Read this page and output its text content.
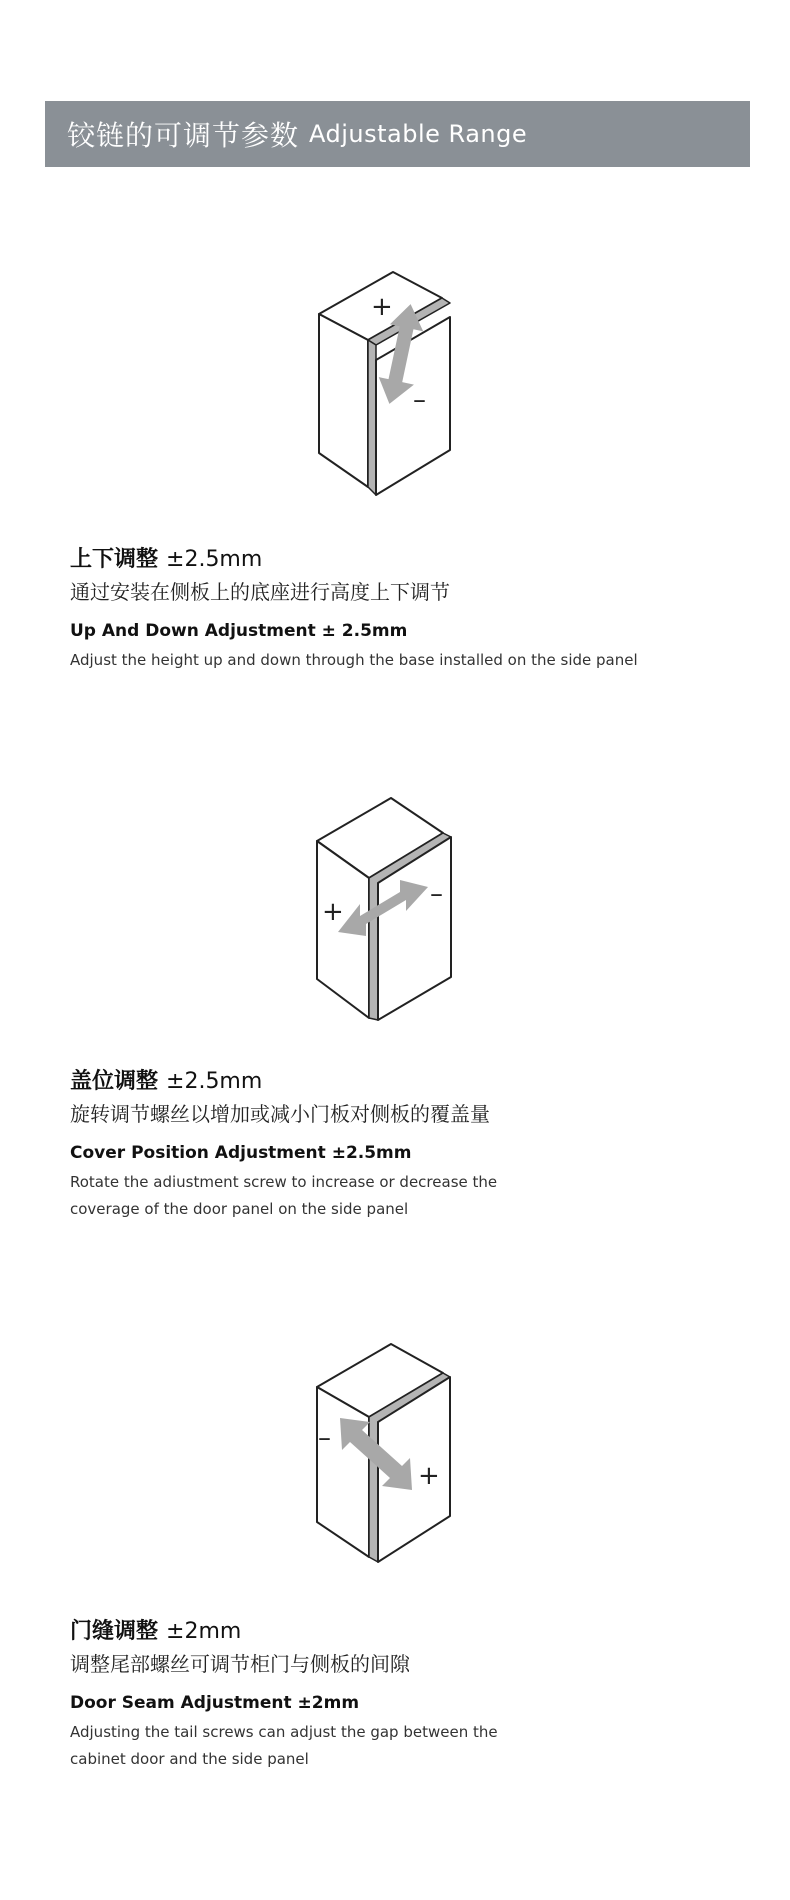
铰链的可调节参数 Adjustable Range
+
–

上下调整 ±2.5mm

通过安装在侧板上的底座进行高度上下调节

Up And Down Adjustment ± 2.5mm

Adjust the height up and down through the base installed on the side panel

+
–

盖位调整 ±2.5mm

旋转调节螺丝以增加或减小门板对侧板的覆盖量

Cover Position Adjustment ±2.5mm

Rotate the adiustment screw to increase or decrease the coverage of the door panel on the side panel

–
+

门缝调整 ±2mm

调整尾部螺丝可调节柜门与侧板的间隙

Door Seam Adjustment ±2mm

Adjusting the tail screws can adjust the gap between the cabinet door and the side panel
